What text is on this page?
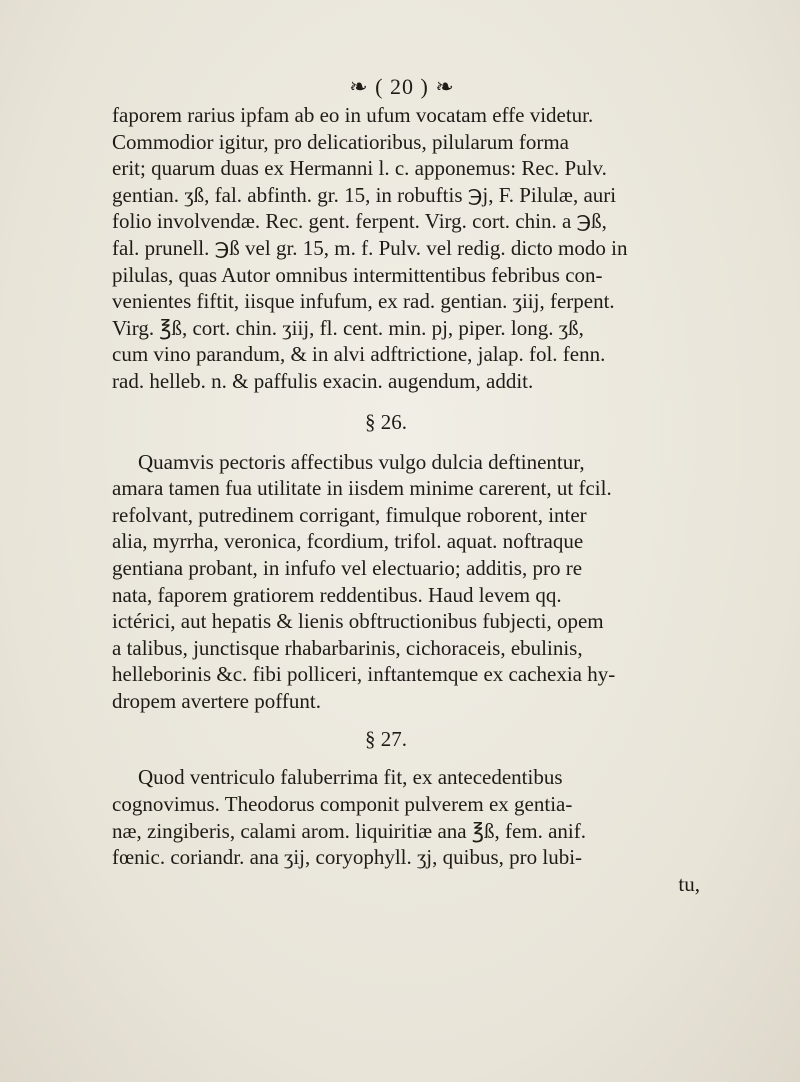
❧ ( 20 ) ❧
faporem rarius ipfam ab eo in ufum vocatam effe videtur.
Commodior igitur, pro delicatioribus, pilularum forma
erit; quarum duas ex Hermanni l. c. apponemus: Rec. Pulv.
gentian. ʒß, fal. abfinth. gr. 15, in robuftis ℈j, F. Pilulæ, auri
folio involvendæ. Rec. gent. ferpent. Virg. cort. chin. a ℈ß,
fal. prunell. ℈ß vel gr. 15, m. f. Pulv. vel redig. dicto modo in
pilulas, quas Autor omnibus intermittentibus febribus con-
venientes fiftit, iisque infufum, ex rad. gentian. ʒiij, ferpent.
Virg. ℥ß, cort. chin. ʒiij, fl. cent. min. pj, piper. long. ʒß,
cum vino parandum, & in alvi adftrictione, jalap. fol. fenn.
rad. helleb. n. & paffulis exacin. augendum, addit.
§ 26.
Quamvis pectoris affectibus vulgo dulcia deftinentur,
amara tamen fua utilitate in iisdem minime carerent, ut fcil.
refolvant, putredinem corrigant, fimulque roborent, inter
alia, myrrha, veronica, fcordium, trifol. aquat. noftraque
gentiana probant, in infufo vel electuario; additis, pro re
nata, faporem gratiorem reddentibus. Haud levem qq.
ictérici, aut hepatis & lienis obftructionibus fubjecti, opem
a talibus, junctisque rhabarbarinis, cichoraceis, ebulinis,
helleborinis &c. fibi polliceri, inftantemque ex cachexia hy-
dropem avertere poffunt.
§ 27.
Quod ventriculo faluberrima fit, ex antecedentibus
cognovimus. Theodorus componit pulverem ex gentia-
næ, zingiberis, calami arom. liquiritiæ ana ℥ß, fem. anif.
fœnic. coriandr. ana ʒij, coryophyll. ʒj, quibus, pro lubi-
tu,
